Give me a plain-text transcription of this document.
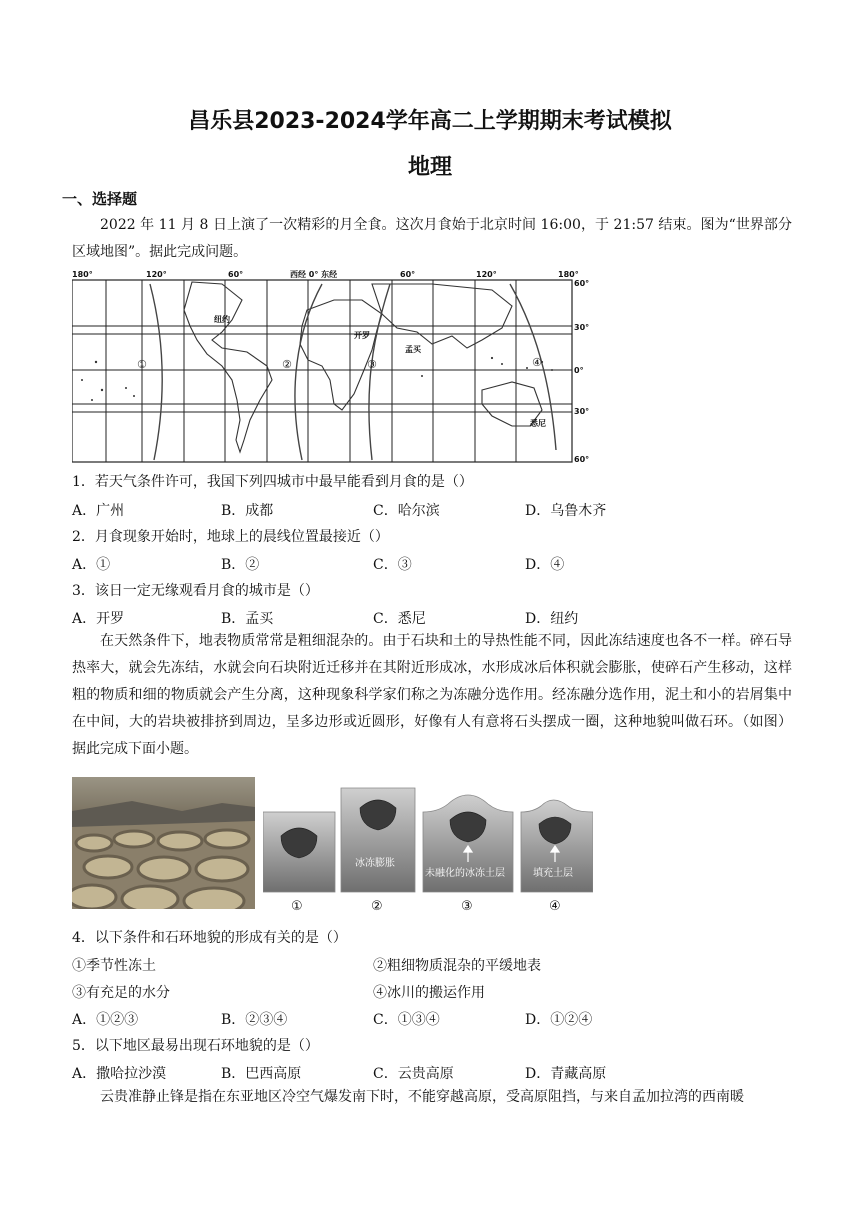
昌乐县2023-2024学年高二上学期期末考试模拟
地理
一、选择题
2022 年 11 月 8 日上演了一次精彩的月全食。这次月食始于北京时间 16:00，于 21:57 结束。图为“世界部分区域地图”。据此完成问题。
180°	120°	60°	西经 0° 东经	60°	120°	180°
60°
30°
0°
30°
60°
纽约
开罗
孟买
悉尼
①	②	③	④
1．若天气条件许可，我国下列四城市中最早能看到月食的是（）
A．广州	B．成都	C．哈尔滨	D．乌鲁木齐
2．月食现象开始时，地球上的晨线位置最接近（）
A．①	B．②	C．③	D．④
3．该日一定无缘观看月食的城市是（）
A．开罗	B．孟买	C．悉尼	D．纽约
在天然条件下，地表物质常常是粗细混杂的。由于石块和土的导热性能不同，因此冻结速度也各不一样。碎石导热率大，就会先冻结，水就会向石块附近迁移并在其附近形成冰，水形成冰后体积就会膨胀，使碎石产生移动，这样粗的物质和细的物质就会产生分离，这种现象科学家们称之为冻融分选作用。经冻融分选作用，泥土和小的岩屑集中在中间，大的岩块被排挤到周边，呈多边形或近圆形，好像有人有意将石头摆成一圈，这种地貌叫做石环。（如图）据此完成下面小题。
冰冻膨胀
未融化的冰冻土层	填充土层
①	②	③	④
4．以下条件和石环地貌的形成有关的是（）
①季节性冻土	②粗细物质混杂的平缓地表
③有充足的水分	④冰川的搬运作用
A．①②③	B．②③④	C．①③④	D．①②④
5．以下地区最易出现石环地貌的是（）
A．撒哈拉沙漠	B．巴西高原	C．云贵高原	D．青藏高原
云贵准静止锋是指在东亚地区冷空气爆发南下时，不能穿越高原，受高原阻挡，与来自孟加拉湾的西南暖
